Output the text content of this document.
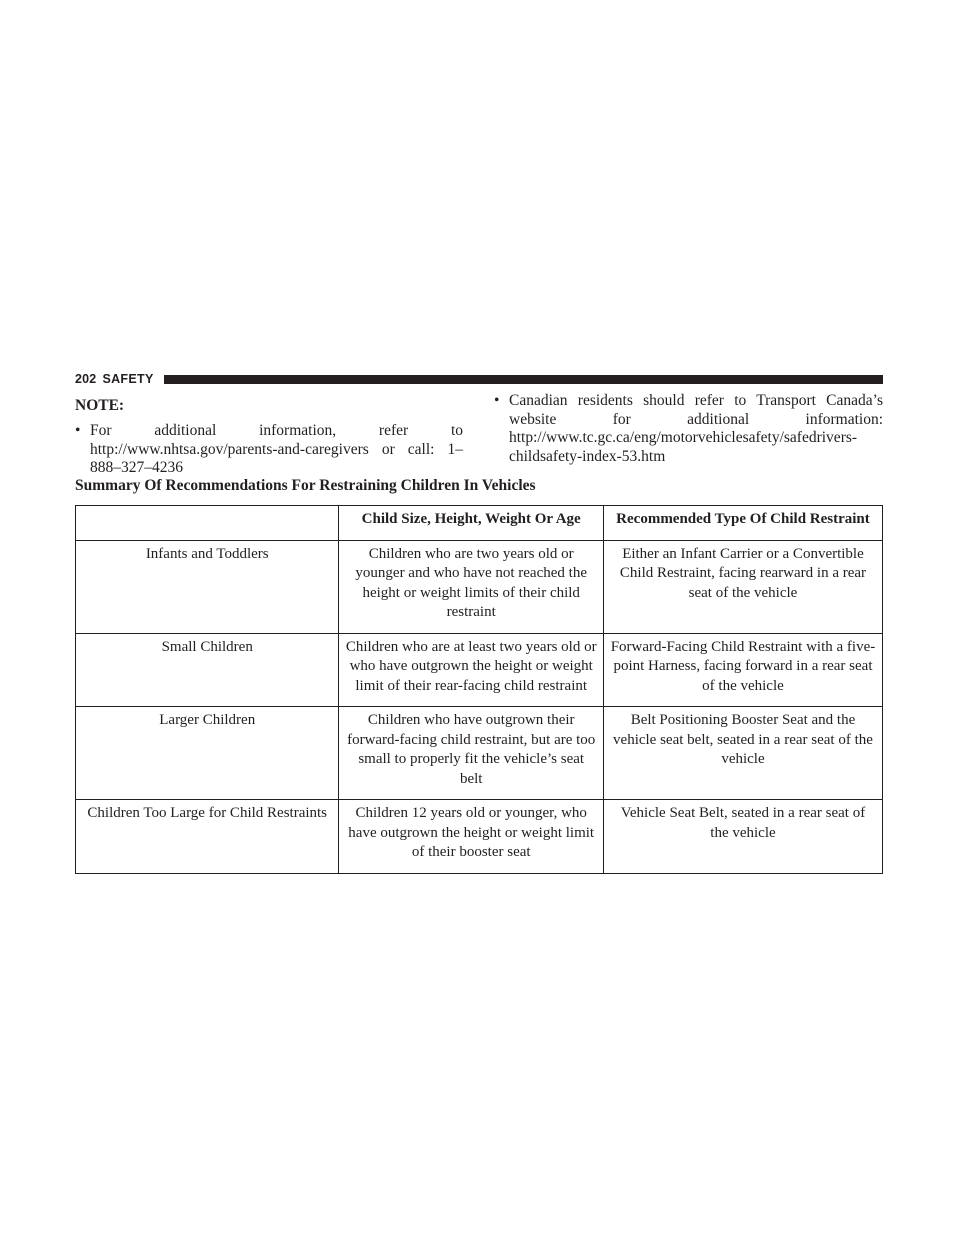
202 SAFETY
NOTE:
• For additional information, refer to http://www.nhtsa.gov/parents-and-caregivers or call: 1–888–327–4236
• Canadian residents should refer to Transport Canada’s website for additional information: http://www.tc.gc.ca/eng/motorvehiclesafety/safedrivers-childsafety-index-53.htm
Summary Of Recommendations For Restraining Children In Vehicles
	Child Size, Height, Weight Or Age	Recommended Type Of Child Restraint
Infants and Toddlers	Children who are two years old or younger and who have not reached the height or weight limits of their child restraint	Either an Infant Carrier or a Convertible Child Restraint, facing rearward in a rear seat of the vehicle
Small Children	Children who are at least two years old or who have outgrown the height or weight limit of their rear-facing child restraint	Forward-Facing Child Restraint with a five-point Harness, facing forward in a rear seat of the vehicle
Larger Children	Children who have outgrown their forward-facing child restraint, but are too small to properly fit the vehicle’s seat belt	Belt Positioning Booster Seat and the vehicle seat belt, seated in a rear seat of the vehicle
Children Too Large for Child Restraints	Children 12 years old or younger, who have outgrown the height or weight limit of their booster seat	Vehicle Seat Belt, seated in a rear seat of the vehicle
